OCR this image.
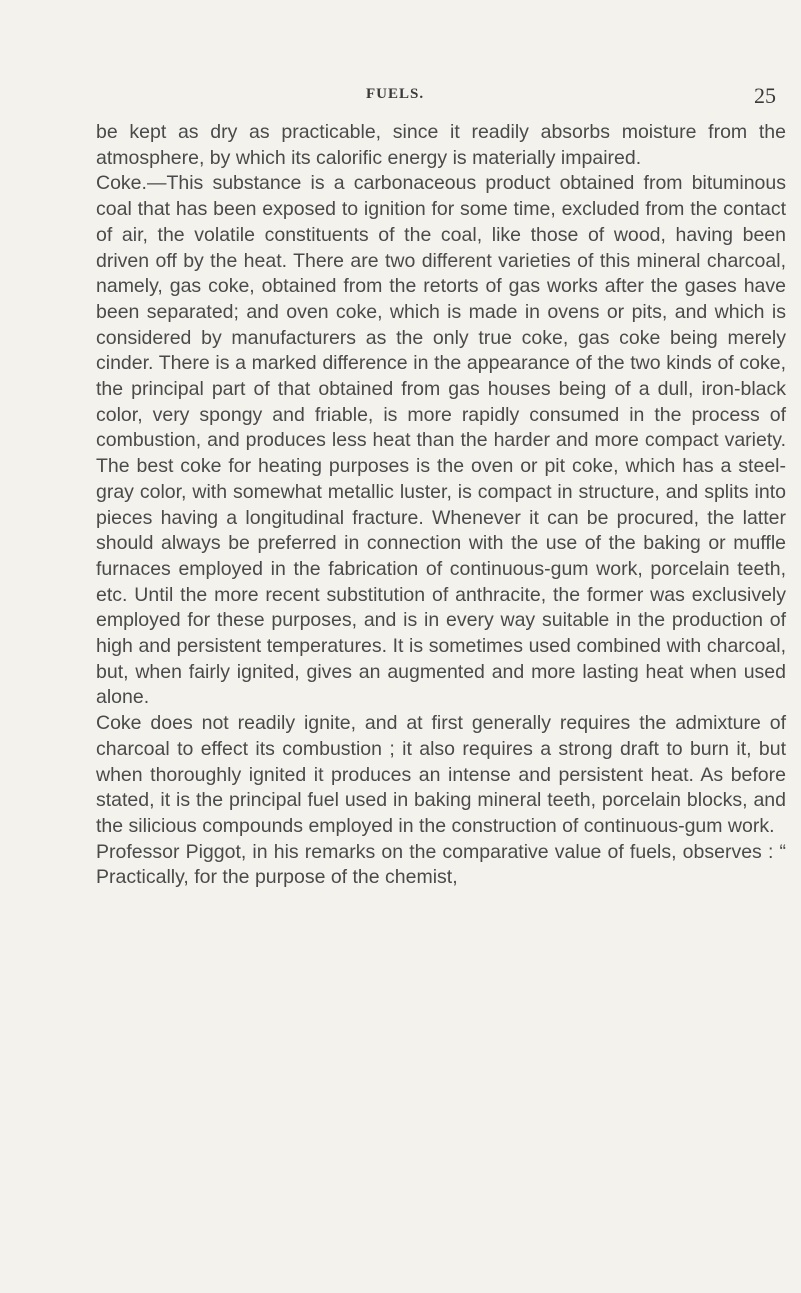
FUELS.	25

be kept as dry as practicable, since it readily absorbs moisture from the atmosphere, by which its calorific energy is materially impaired.

Coke.—This substance is a carbonaceous product obtained from bituminous coal that has been exposed to ignition for some time, excluded from the contact of air, the volatile constituents of the coal, like those of wood, having been driven off by the heat. There are two different varieties of this mineral charcoal, namely, gas coke, obtained from the retorts of gas works after the gases have been separated; and oven coke, which is made in ovens or pits, and which is considered by manufacturers as the only true coke, gas coke being merely cinder. There is a marked difference in the appearance of the two kinds of coke, the principal part of that obtained from gas houses being of a dull, iron-black color, very spongy and friable, is more rapidly consumed in the process of combustion, and produces less heat than the harder and more compact variety. The best coke for heating purposes is the oven or pit coke, which has a steel-gray color, with somewhat metallic luster, is compact in structure, and splits into pieces having a longitudinal fracture. Whenever it can be procured, the latter should always be preferred in connection with the use of the baking or muffle furnaces employed in the fabrication of continuous-gum work, porcelain teeth, etc. Until the more recent substitution of anthracite, the former was exclusively employed for these purposes, and is in every way suitable in the production of high and persistent temperatures. It is sometimes used combined with charcoal, but, when fairly ignited, gives an augmented and more lasting heat when used alone.

Coke does not readily ignite, and at first generally requires the admixture of charcoal to effect its combustion ; it also requires a strong draft to burn it, but when thoroughly ignited it produces an intense and persistent heat. As before stated, it is the principal fuel used in baking mineral teeth, porcelain blocks, and the silicious compounds employed in the construction of continuous-gum work.

Professor Piggot, in his remarks on the comparative value of fuels, observes : “ Practically, for the purpose of the chemist,
